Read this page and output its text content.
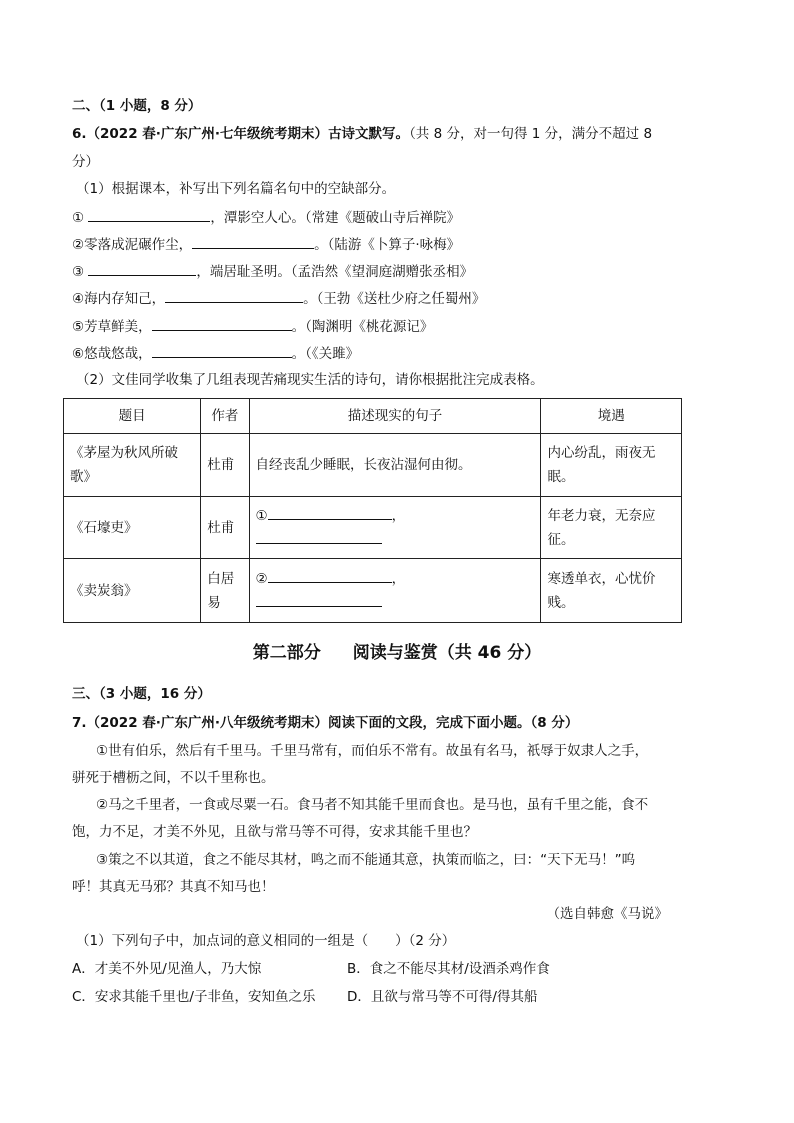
二、（1 小题，8 分）
6.（2022 春·广东广州·七年级统考期末）古诗文默写。（共 8 分，对一句得 1 分，满分不超过 8
分）
（1）根据课本，补写出下列名篇名句中的空缺部分。
①	，潭影空人心。（常建《题破山寺后禅院》
②零落成泥碾作尘，	。（陆游《卜算子·咏梅》
③	，端居耻圣明。（孟浩然《望洞庭湖赠张丞相》
④海内存知己，	。（王勃《送杜少府之任蜀州》
⑤芳草鲜美，	。（陶渊明《桃花源记》
⑥悠哉悠哉，	。（《关雎》
（2）文佳同学收集了几组表现苦痛现实生活的诗句，请你根据批注完成表格。
题目	作者	描述现实的句子	境遇
《茅屋为秋风所破歌》	杜甫	自经丧乱少睡眠，长夜沾湿何由彻。	内心纷乱，雨夜无眠。
《石壕吏》	杜甫	① ，	年老力衰，无奈应征。
《卖炭翁》	白居易	② ，	寒透单衣，心忧价贱。
第二部分 阅读与鉴赏（共 46 分）
三、（3 小题，16 分）
7.（2022 春·广东广州·八年级统考期末）阅读下面的文段，完成下面小题。（8 分）
①世有伯乐，然后有千里马。千里马常有，而伯乐不常有。故虽有名马，祇辱于奴隶人之手，
骈死于槽枥之间，不以千里称也。
②马之千里者，一食或尽粟一石。食马者不知其能千里而食也。是马也，虽有千里之能，食不
饱，力不足，才美不外见，且欲与常马等不可得，安求其能千里也？
③策之不以其道，食之不能尽其材，鸣之而不能通其意，执策而临之，曰：“天下无马！”呜
呼！其真无马邪？其真不知马也！
（选自韩愈《马说》
（1）下列句子中，加点词的意义相同的一组是（　　）（2 分）
A．才美不外见/见渔人，乃大惊	B．食之不能尽其材/设酒杀鸡作食
C．安求其能千里也/子非鱼，安知鱼之乐 D．且欲与常马等不可得/得其船
